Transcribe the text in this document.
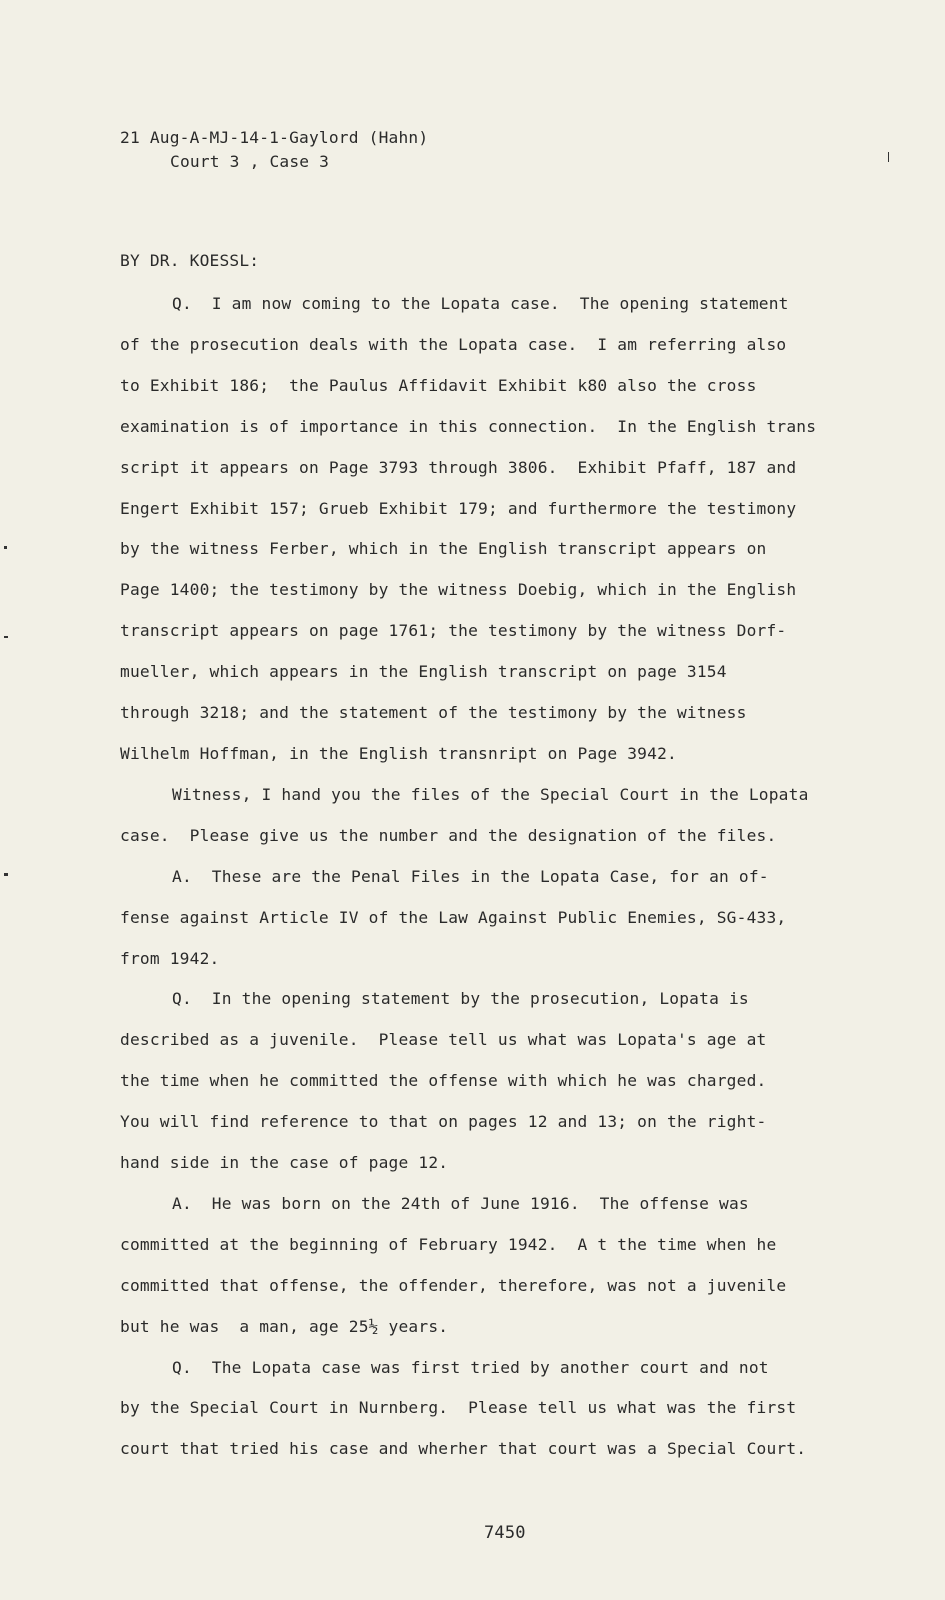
21 Aug-A-MJ-14-1-Gaylord (Hahn)
Court 3 , Case 3
BY DR. KOESSL:
Q.  I am now coming to the Lopata case.  The opening statement
of the prosecution deals with the Lopata case.  I am referring also
to Exhibit 186;  the Paulus Affidavit Exhibit k80 also the cross
examination is of importance in this connection.  In the English trans
script it appears on Page 3793 through 3806.  Exhibit Pfaff, 187 and
Engert Exhibit 157; Grueb Exhibit 179; and furthermore the testimony
by the witness Ferber, which in the English transcript appears on
Page 1400; the testimony by the witness Doebig, which in the English
transcript appears on page 1761; the testimony by the witness Dorf-
mueller, which appears in the English transcript on page 3154
through 3218; and the statement of the testimony by the witness
Wilhelm Hoffman, in the English transnript on Page 3942.
Witness, I hand you the files of the Special Court in the Lopata
case.  Please give us the number and the designation of the files.
A.  These are the Penal Files in the Lopata Case, for an of-
fense against Article IV of the Law Against Public Enemies, SG-433,
from 1942.
Q.  In the opening statement by the prosecution, Lopata is
described as a juvenile.  Please tell us what was Lopata's age at
the time when he committed the offense with which he was charged.
You will find reference to that on pages 12 and 13; on the right-
hand side in the case of page 12.
A.  He was born on the 24th of June 1916.  The offense was
committed at the beginning of February 1942.  A t the time when he
committed that offense, the offender, therefore, was not a juvenile
but he was  a man, age 25½ years.
Q.  The Lopata case was first tried by another court and not
by the Special Court in Nurnberg.  Please tell us what was the first
court that tried his case and wherher that court was a Special Court.
7450
